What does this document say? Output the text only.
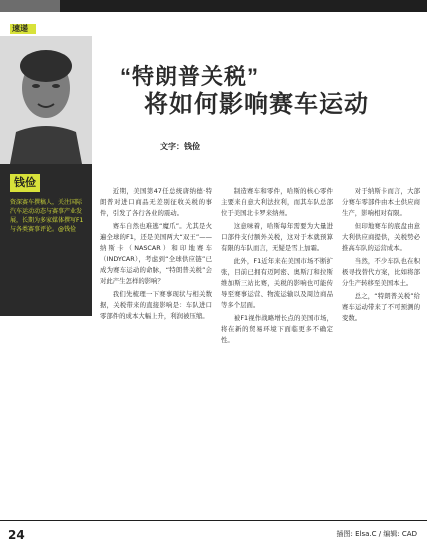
速递
钱俭
资深赛车撰稿人，关注国际汽车运动动态与赛事产业发展，长期为多家媒体撰写F1与各类赛事评论。@钱俭
“特朗普关税”
将如何影响赛车运动
文字：钱俭

近期，美国第47任总统唐纳德·特朗普对进口商品无差别征收关税的事件，引发了各行各业的震动。

赛车自然也难逃“魔爪”。尤其是火遍全球的F1，还是美国两大“双王”——纳斯卡（NASCAR）和印地赛车（INDYCAR），考虑到“全球供应链”已成为赛车运动的命脉，“特朗普关税”会对此产生怎样的影响？

我们先梳理一下赛事现状与相关数据，关税带来的直接影响是：车队进口零部件的成本大幅上升，利润被压缩。

制造赛车和零件，哈斯的核心零件主要来自意大利法拉利，而其车队总部位于美国北卡罗来纳州。

这意味着，哈斯每年需要为大量进口部件支付额外关税，这对于本就预算有限的车队而言，无疑是雪上加霜。

此外，F1近年来在美国市场不断扩张，目前已拥有迈阿密、奥斯汀和拉斯维加斯三站比赛，关税的影响也可能传导至赛事运营、物流运输以及周边商品等多个层面。

被F1视作战略增长点的美国市场，将在新的贸易环境下面临更多不确定性。

对于纳斯卡而言，大部分赛车零部件由本土供应商生产，影响相对有限。

但印地赛车的底盘由意大利供应商提供，关税势必推高车队的运营成本。

当然，不少车队也在积极寻找替代方案，比如将部分生产转移至美国本土。

总之，“特朗普关税”给赛车运动带来了不可预测的变数。

24	插图: Elsa.C / 编辑: CAD
